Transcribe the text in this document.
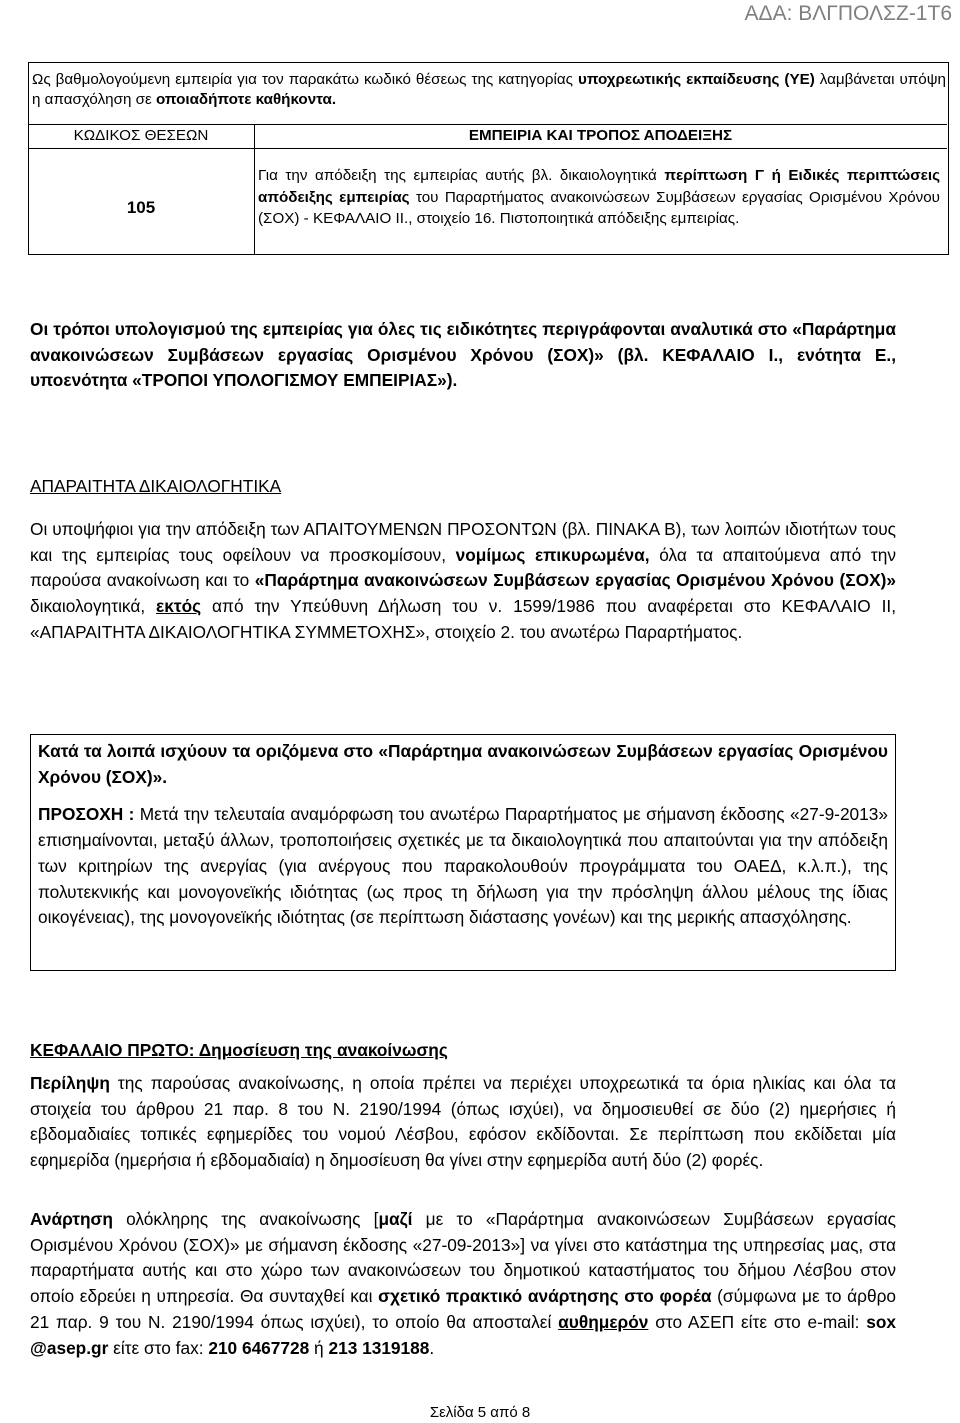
ΑΔΑ: ΒΛΓΠΟΛΣΖ-1Τ6
Ως βαθμολογούμενη εμπειρία για τον παρακάτω κωδικό θέσεως της κατηγορίας υποχρεωτικής εκπαίδευσης (ΥΕ) λαμβάνεται υπόψη η απασχόληση σε οποιαδήποτε καθήκοντα.
ΚΩΔΙΚΟΣ ΘΕΣΕΩΝ	ΕΜΠΕΙΡΙΑ ΚΑΙ ΤΡΟΠΟΣ ΑΠΟΔΕΙΞΗΣ
105
Για την απόδειξη της εμπειρίας αυτής βλ. δικαιολογητικά περίπτωση Γ ή Ειδικές περιπτώσεις απόδειξης εμπειρίας του Παραρτήματος ανακοινώσεων Συμβάσεων εργασίας Ορισμένου Χρόνου (ΣΟΧ) - ΚΕΦΑΛΑΙΟ ΙΙ., στοιχείο 16. Πιστοποιητικά απόδειξης εμπειρίας.
Οι τρόποι υπολογισμού της εμπειρίας για όλες τις ειδικότητες περιγράφονται αναλυτικά στο «Παράρτημα ανακοινώσεων Συμβάσεων εργασίας Ορισμένου Χρόνου (ΣΟΧ)» (βλ. ΚΕΦΑΛΑΙΟ Ι., ενότητα Ε., υποενότητα «ΤΡΟΠΟΙ ΥΠΟΛΟΓΙΣΜΟΥ ΕΜΠΕΙΡΙΑΣ»).
ΑΠΑΡΑΙΤΗΤΑ ΔΙΚΑΙΟΛΟΓΗΤΙΚΑ
Οι υποψήφιοι για την απόδειξη των ΑΠΑΙΤΟΥΜΕΝΩΝ ΠΡΟΣΟΝΤΩΝ (βλ. ΠΙΝΑΚΑ Β), των λοιπών ιδιοτήτων τους και της εμπειρίας τους οφείλουν να προσκομίσουν, νομίμως επικυρωμένα, όλα τα απαιτούμενα από την παρούσα ανακοίνωση και το «Παράρτημα ανακοινώσεων Συμβάσεων εργασίας Ορισμένου Χρόνου (ΣΟΧ)» δικαιολογητικά, εκτός από την Υπεύθυνη Δήλωση του ν. 1599/1986 που αναφέρεται στο ΚΕΦΑΛΑΙΟ ΙΙ, «ΑΠΑΡΑΙΤΗΤΑ ΔΙΚΑΙΟΛΟΓΗΤΙΚΑ ΣΥΜΜΕΤΟΧΗΣ», στοιχείο 2. του ανωτέρω Παραρτήματος.
Κατά τα λοιπά ισχύουν τα οριζόμενα στο «Παράρτημα ανακοινώσεων Συμβάσεων εργασίας Ορισμένου Χρόνου (ΣΟΧ)».
ΠΡΟΣΟΧΗ : Μετά την τελευταία αναμόρφωση του ανωτέρω Παραρτήματος με σήμανση έκδοσης «27-9-2013» επισημαίνονται, μεταξύ άλλων, τροποποιήσεις σχετικές με τα δικαιολογητικά που απαιτούνται για την απόδειξη των κριτηρίων της ανεργίας (για ανέργους που παρακολουθούν προγράμματα του ΟΑΕΔ, κ.λ.π.), της πολυτεκνικής και μονογονεϊκής ιδιότητας (ως προς τη δήλωση για την πρόσληψη άλλου μέλους της ίδιας οικογένειας), της μονογονεϊκής ιδιότητας (σε περίπτωση διάστασης γονέων) και της μερικής απασχόλησης.
ΚΕΦΑΛΑΙΟ ΠΡΩΤΟ: Δημοσίευση της ανακοίνωσης
Περίληψη της παρούσας ανακοίνωσης, η οποία πρέπει να περιέχει υποχρεωτικά τα όρια ηλικίας και όλα τα στοιχεία του άρθρου 21 παρ. 8 του Ν. 2190/1994 (όπως ισχύει), να δημοσιευθεί σε δύο (2) ημερήσιες ή εβδομαδιαίες τοπικές εφημερίδες του νομού Λέσβου, εφόσον εκδίδονται. Σε περίπτωση που εκδίδεται μία εφημερίδα (ημερήσια ή εβδομαδιαία) η δημοσίευση θα γίνει στην εφημερίδα αυτή δύο (2) φορές.
Ανάρτηση ολόκληρης της ανακοίνωσης [μαζί με το «Παράρτημα ανακοινώσεων Συμβάσεων εργασίας Ορισμένου Χρόνου (ΣΟΧ)» με σήμανση έκδοσης «27-09-2013»] να γίνει στο κατάστημα της υπηρεσίας μας, στα παραρτήματα αυτής και στο χώρο των ανακοινώσεων του δημοτικού καταστήματος του δήμου Λέσβου στον οποίο εδρεύει η υπηρεσία. Θα συνταχθεί και σχετικό πρακτικό ανάρτησης στο φορέα (σύμφωνα με το άρθρο 21 παρ. 9 του Ν. 2190/1994 όπως ισχύει), το οποίο θα αποσταλεί αυθημερόν στο ΑΣΕΠ είτε στο e-mail: sox @asep.gr είτε στο fax: 210 6467728 ή 213 1319188.
Σελίδα 5 από 8
